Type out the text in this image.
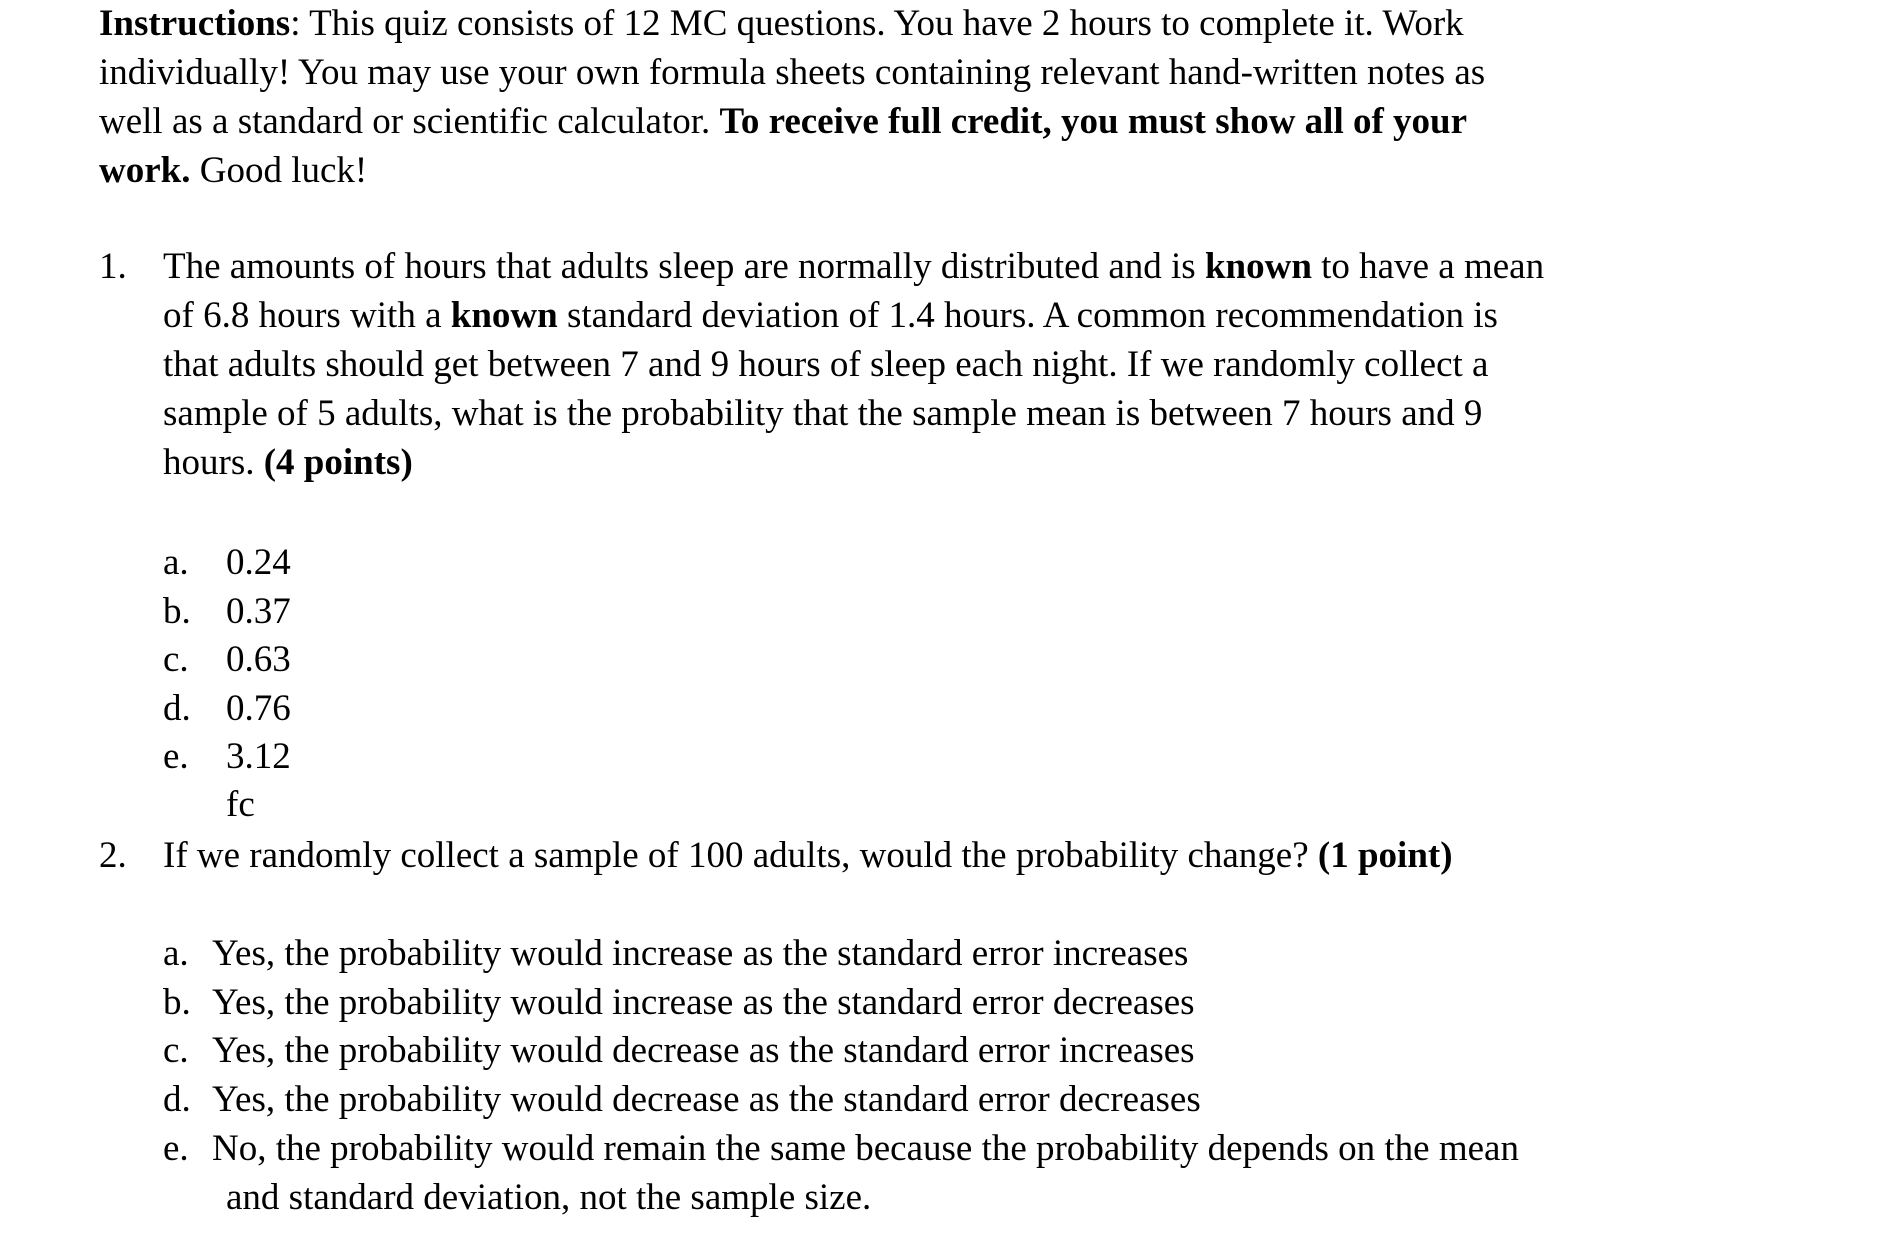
Instructions: This quiz consists of 12 MC questions. You have 2 hours to complete it. Work
individually! You may use your own formula sheets containing relevant hand-written notes as
well as a standard or scientific calculator. To receive full credit, you must show all of your
work. Good luck!
1. The amounts of hours that adults sleep are normally distributed and is known to have a mean
of 6.8 hours with a known standard deviation of 1.4 hours. A common recommendation is
that adults should get between 7 and 9 hours of sleep each night. If we randomly collect a
sample of 5 adults, what is the probability that the sample mean is between 7 hours and 9
hours. (4 points)
a. 0.24
b. 0.37
c. 0.63
d. 0.76
e. 3.12
fc
2. If we randomly collect a sample of 100 adults, would the probability change? (1 point)
a. Yes, the probability would increase as the standard error increases
b. Yes, the probability would increase as the standard error decreases
c. Yes, the probability would decrease as the standard error increases
d. Yes, the probability would decrease as the standard error decreases
e. No, the probability would remain the same because the probability depends on the mean
and standard deviation, not the sample size.
